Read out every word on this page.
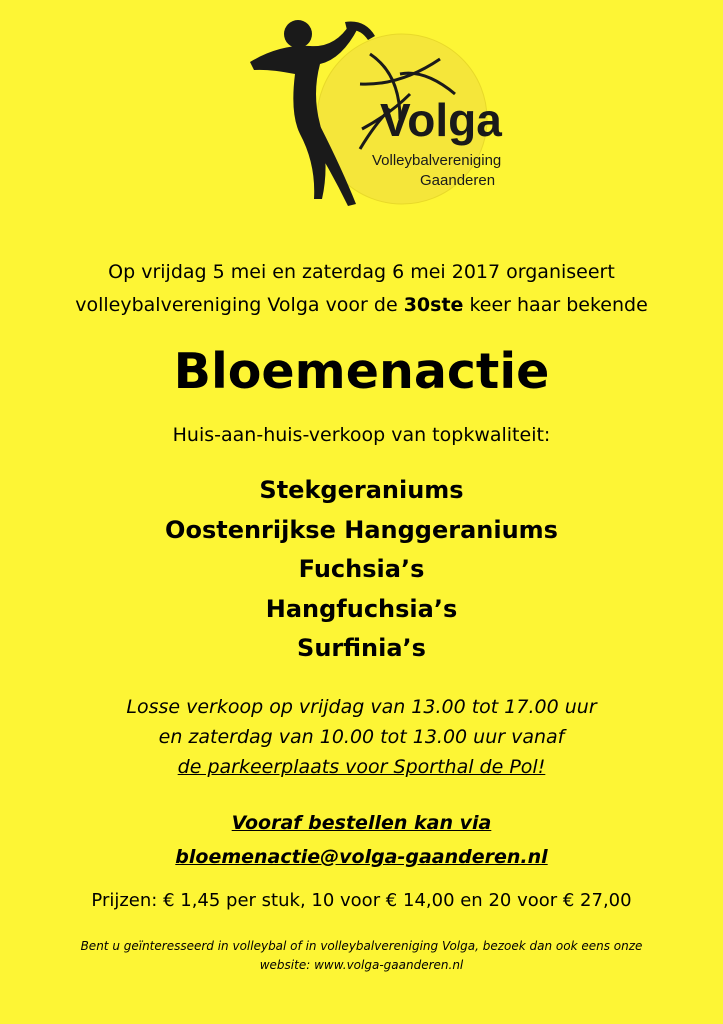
Volga
Volleybalvereniging
Gaanderen
Op vrijdag 5 mei en zaterdag 6 mei 2017 organiseert
volleybalvereniging Volga voor de 30ste keer haar bekende
Bloemenactie
Huis-aan-huis-verkoop van topkwaliteit:
Stekgeraniums
Oostenrijkse Hanggeraniums
Fuchsia’s
Hangfuchsia’s
Surfinia’s
Losse verkoop op vrijdag van 13.00 tot 17.00 uur
en zaterdag van 10.00 tot 13.00 uur vanaf
de parkeerplaats voor Sporthal de Pol!
Vooraf bestellen kan via
bloemenactie@volga-gaanderen.nl
Prijzen: € 1,45 per stuk, 10 voor € 14,00 en 20 voor € 27,00
Bent u geïnteresseerd in volleybal of in volleybalvereniging Volga, bezoek dan ook eens onze
website: www.volga-gaanderen.nl
